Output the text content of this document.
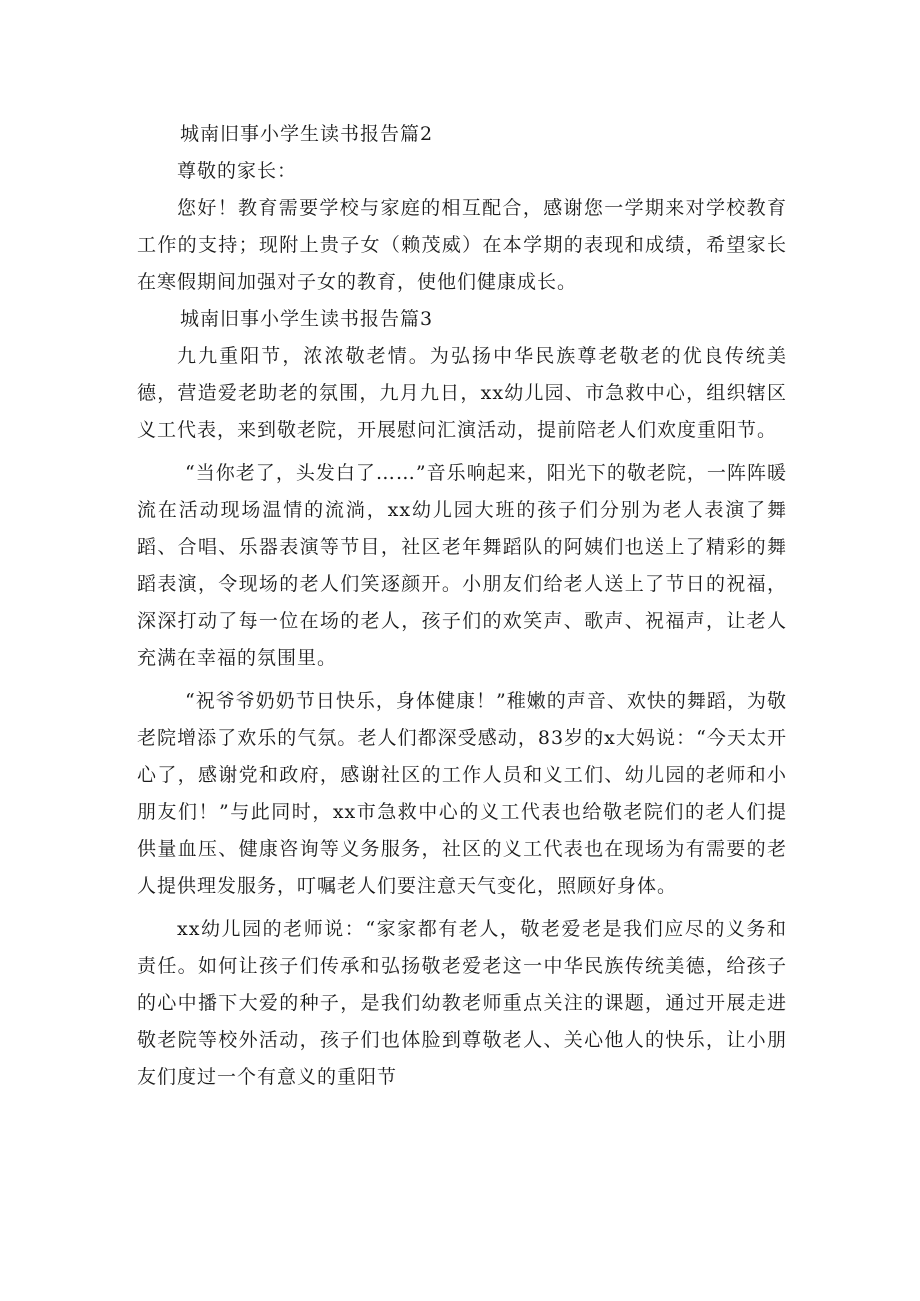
城南旧事小学生读书报告篇2

尊敬的家长：

您好！教育需要学校与家庭的相互配合，感谢您一学期来对学校教育工作的支持；现附上贵子女（赖茂威）在本学期的表现和成绩，希望家长在寒假期间加强对子女的教育，使他们健康成长。

城南旧事小学生读书报告篇3

九九重阳节，浓浓敬老情。为弘扬中华民族尊老敬老的优良传统美德，营造爱老助老的氛围，九月九日，xx幼儿园、市急救中心，组织辖区义工代表，来到敬老院，开展慰问汇演活动，提前陪老人们欢度重阳节。

“当你老了，头发白了……”音乐响起来，阳光下的敬老院，一阵阵暖流在活动现场温情的流淌，xx幼儿园大班的孩子们分别为老人表演了舞蹈、合唱、乐器表演等节目，社区老年舞蹈队的阿姨们也送上了精彩的舞蹈表演，令现场的老人们笑逐颜开。小朋友们给老人送上了节日的祝福，深深打动了每一位在场的老人，孩子们的欢笑声、歌声、祝福声，让老人充满在幸福的氛围里。

“祝爷爷奶奶节日快乐，身体健康！”稚嫩的声音、欢快的舞蹈，为敬老院增添了欢乐的气氛。老人们都深受感动，83岁的x大妈说：“今天太开心了，感谢党和政府，感谢社区的工作人员和义工们、幼儿园的老师和小朋友们！”与此同时，xx市急救中心的义工代表也给敬老院们的老人们提供量血压、健康咨询等义务服务，社区的义工代表也在现场为有需要的老人提供理发服务，叮嘱老人们要注意天气变化，照顾好身体。

xx幼儿园的老师说：“家家都有老人，敬老爱老是我们应尽的义务和责任。如何让孩子们传承和弘扬敬老爱老这一中华民族传统美德，给孩子的心中播下大爱的种子，是我们幼教老师重点关注的课题，通过开展走进敬老院等校外活动，孩子们也体脸到尊敬老人、关心他人的快乐，让小朋友们度过一个有意义的重阳节
